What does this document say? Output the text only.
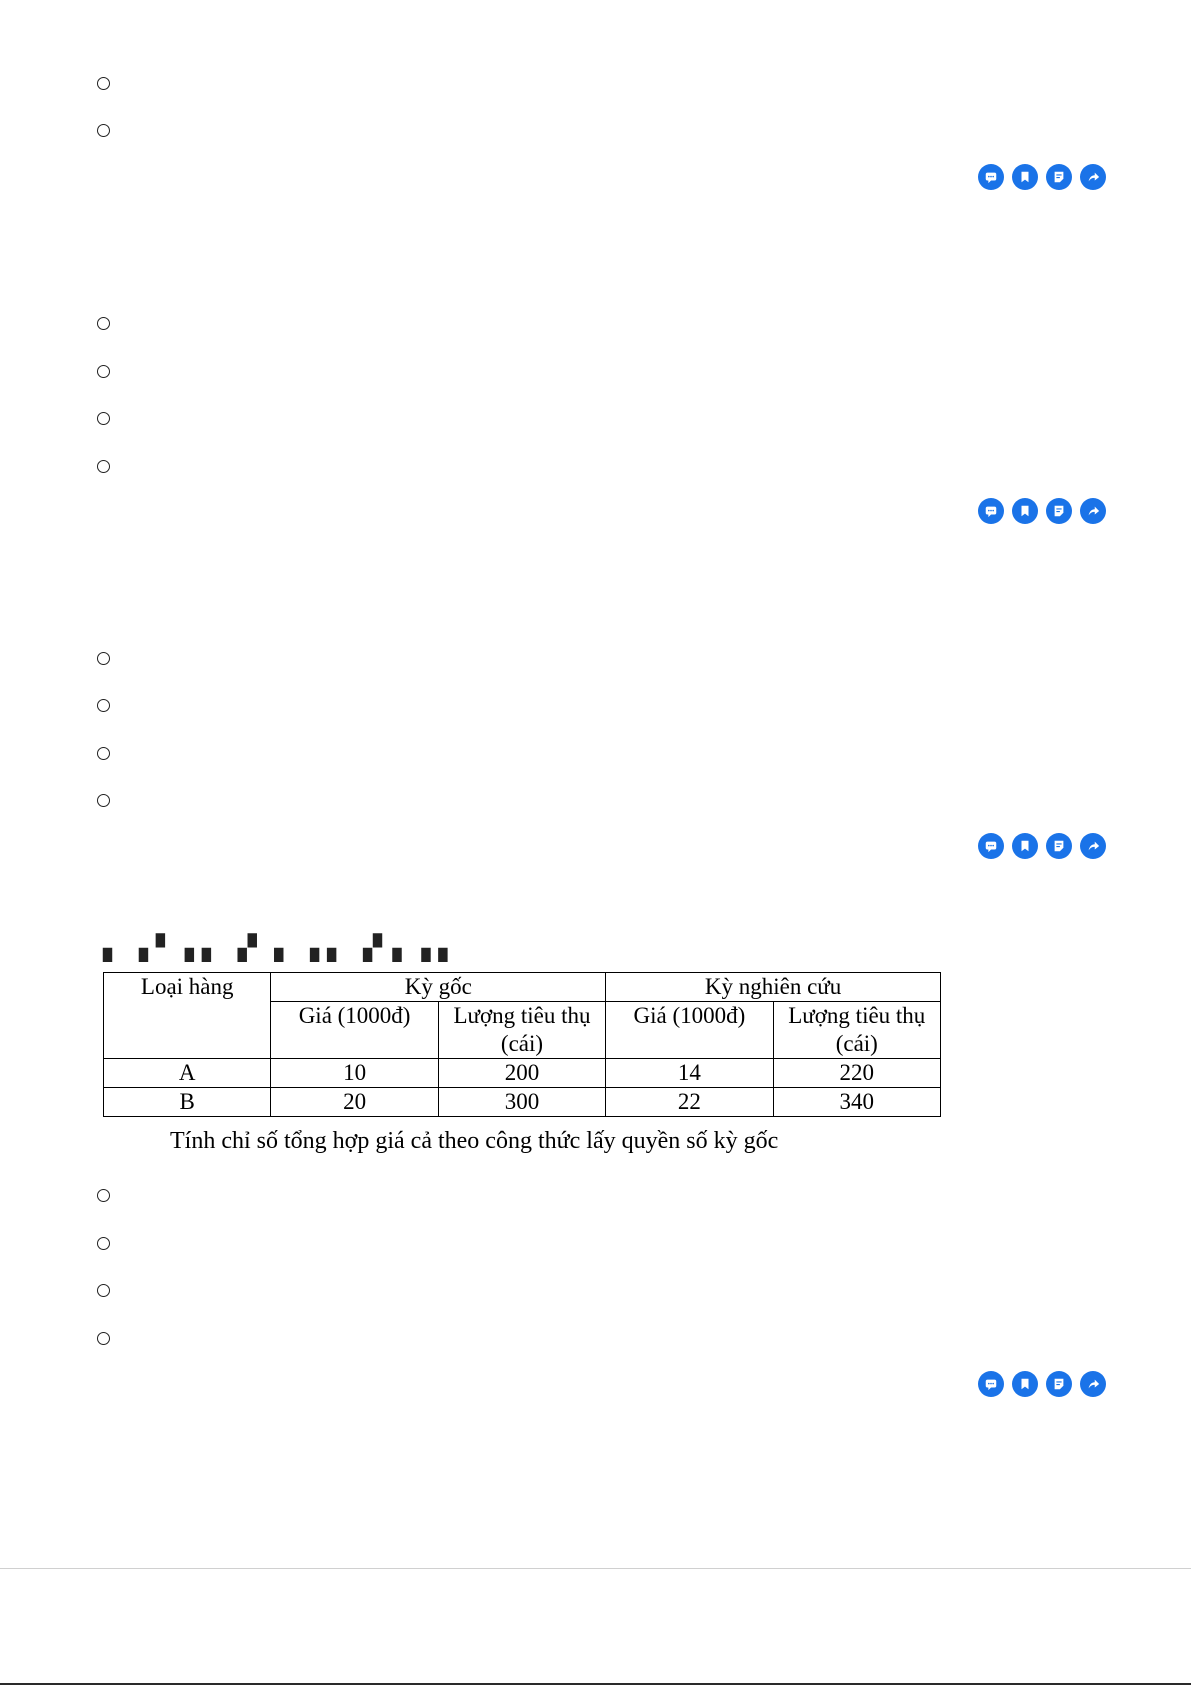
▖ ▗ ▘▗ ▖ ▗▘ ▖ ▗ ▖ ▗▘▖▗ ▖
Loại hàng	Kỳ gốc		Kỳ nghiên cứu	
	Giá (1000đ)	Lượng tiêu thụ (cái)	Giá (1000đ)	Lượng tiêu thụ (cái)
A	10	200	14	220
B	20	300	22	340
Tính chỉ số tổng hợp giá cả theo công thức lấy quyền số kỳ gốc
